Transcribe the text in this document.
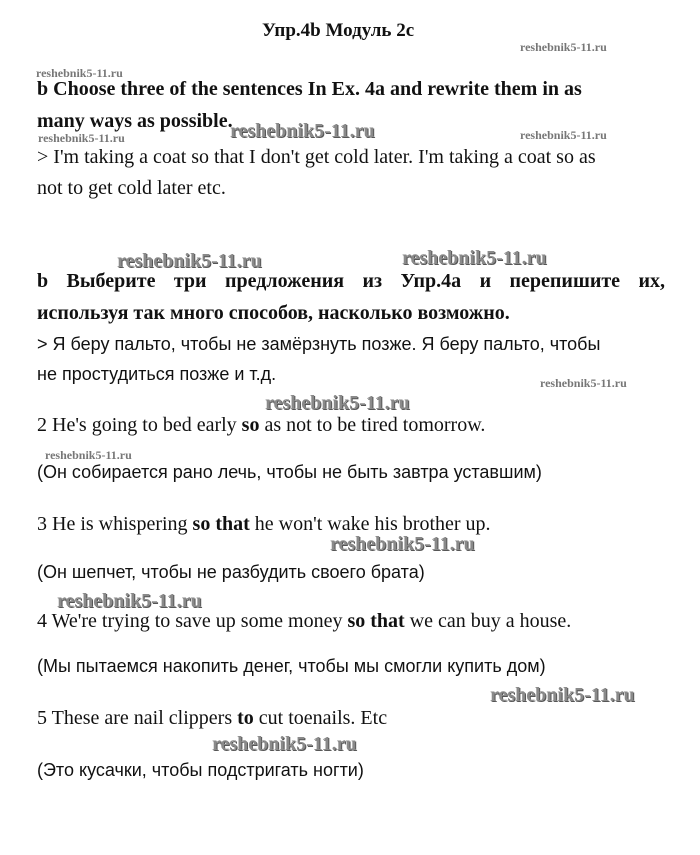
Упр.4b Модуль 2c
reshebnik5-11.ru
reshebnik5-11.ru
reshebnik5-11.ru	reshebnik5-11.ru
reshebnik5-11.ru
reshebnik5-11.ru
b Choose three of the sentences In Ex. 4a and rewrite them in as
many ways as possible.
reshebnik5-11.ru
> I'm taking a coat so that I don't get cold later. I'm taking a coat so as
not to get cold later etc.
reshebnik5-11.ru	reshebnik5-11.ru
b Выберите три предложения из Упр.4а и перепишите их,
используя так много способов, насколько возможно.
> Я беру пальто, чтобы не замёрзнуть позже. Я беру пальто, чтобы
не простудиться позже и т.д.
reshebnik5-11.ru
2 He's going to bed early so as not to be tired tomorrow.
(Он собирается рано лечь, чтобы не быть завтра уставшим)
3 He is whispering so that he won't wake his brother up.
reshebnik5-11.ru
(Он шепчет, чтобы не разбудить своего брата)
reshebnik5-11.ru
4 We're trying to save up some money so that we can buy a house.
(Мы пытаемся накопить денег, чтобы мы смогли купить дом)
reshebnik5-11.ru
5 These are nail clippers to cut toenails. Etc
reshebnik5-11.ru
(Это кусачки, чтобы подстригать ногти)
